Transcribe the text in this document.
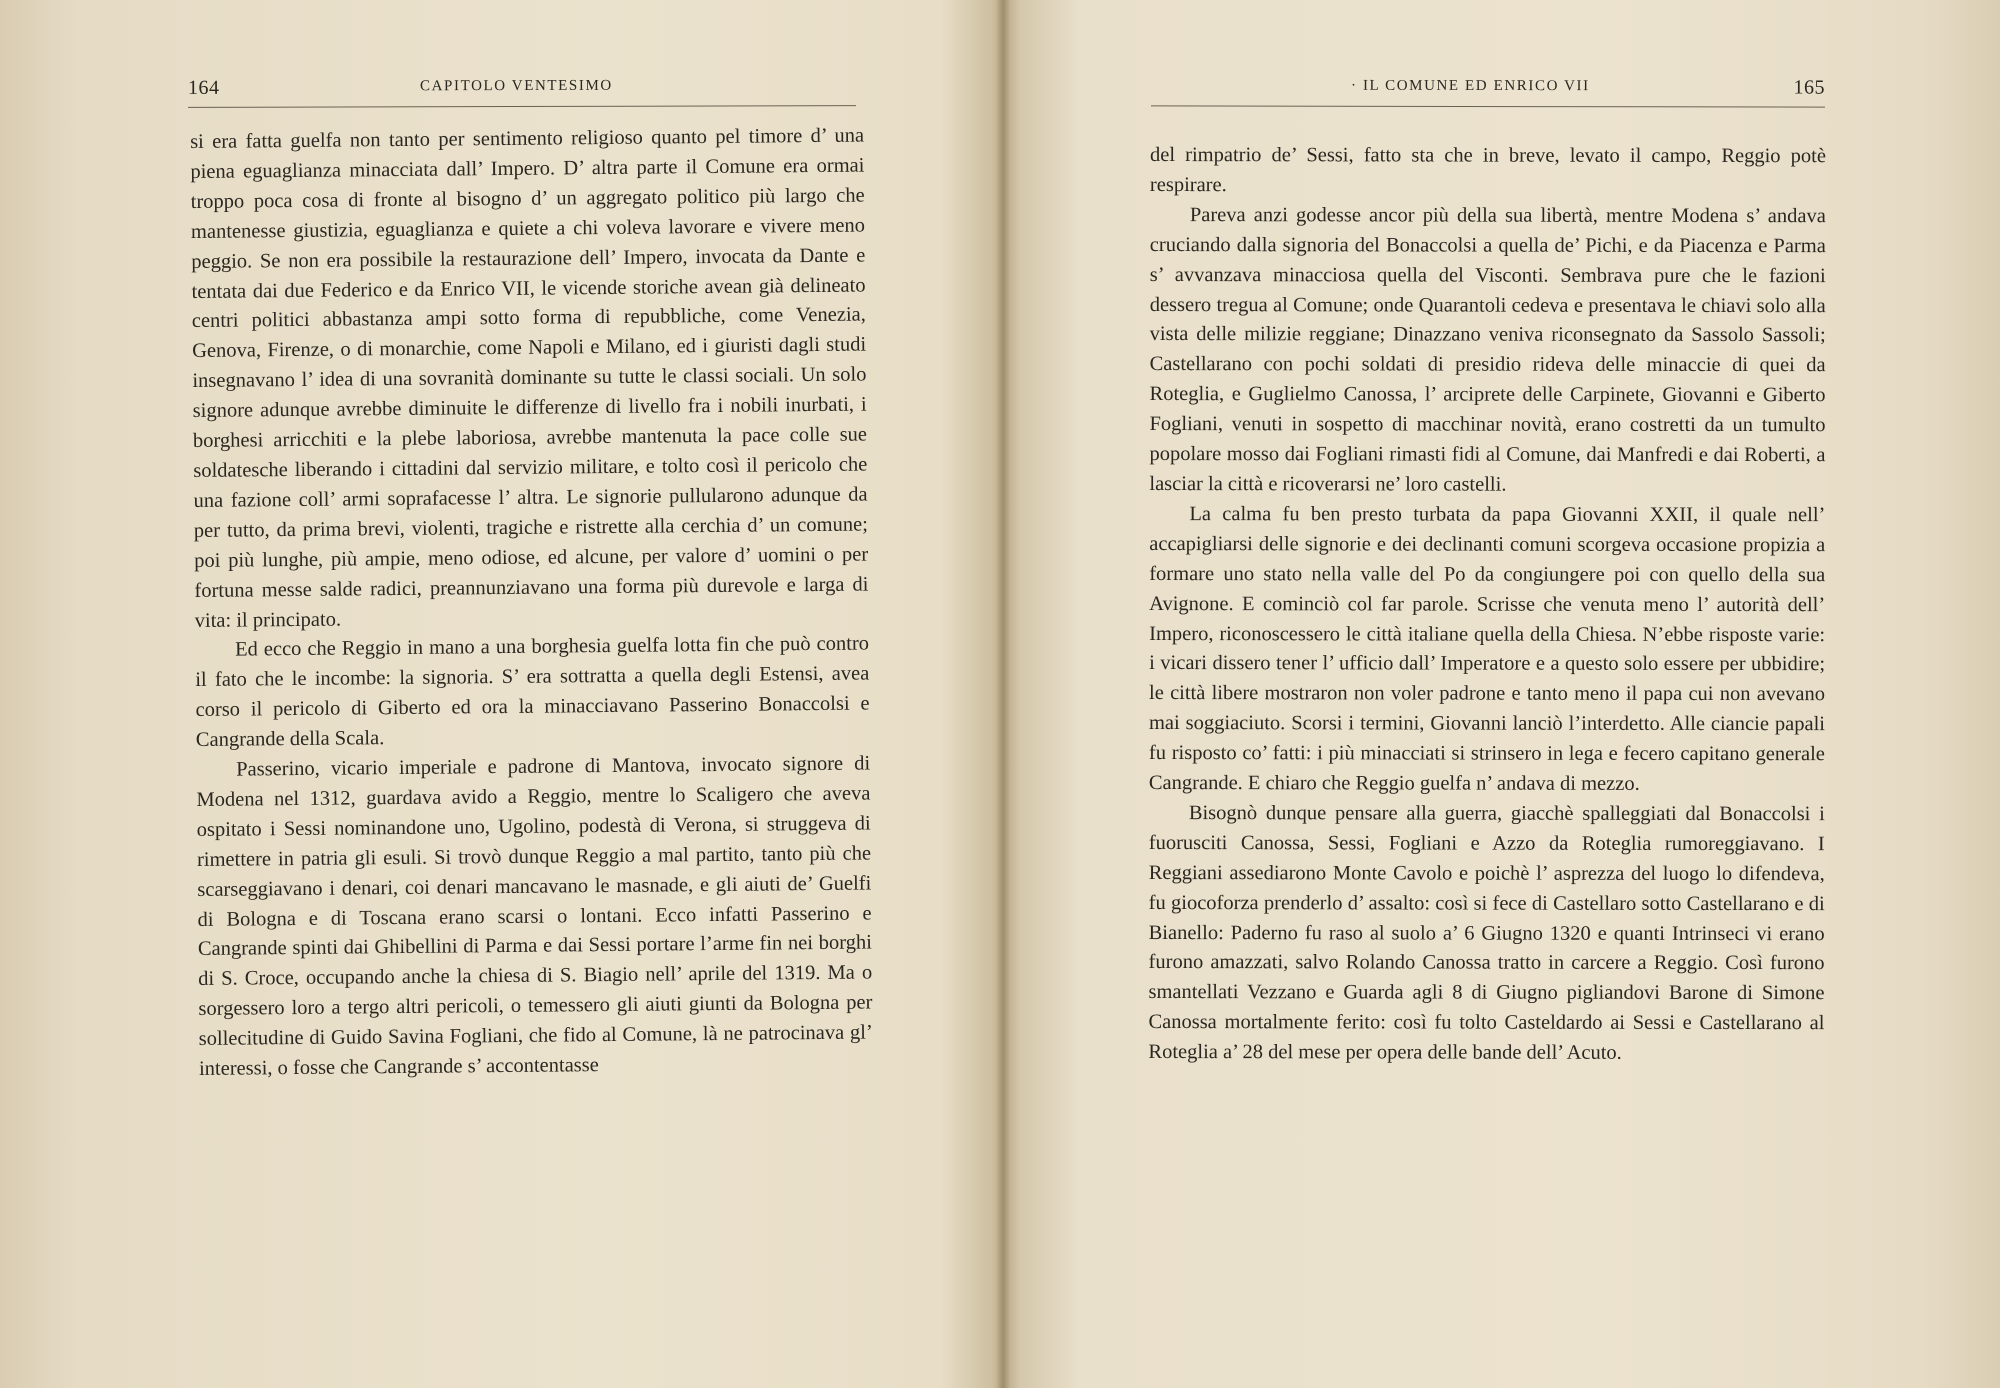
164	CAPITOLO VENTESIMO

si era fatta guelfa non tanto per sentimento religioso quanto pel timore d’ una piena eguaglianza minacciata dall’ Impero. D’ altra parte il Comune era ormai troppo poca cosa di fronte al bisogno d’ un aggregato politico più largo che mantenesse giustizia, eguaglianza e quiete a chi voleva lavorare e vivere meno peggio. Se non era possibile la restaurazione dell’ Impero, invocata da Dante e tentata dai due Federico e da Enrico VII, le vicende storiche avean già delineato centri politici abbastanza ampi sotto forma di repubbliche, come Venezia, Genova, Firenze, o di monarchie, come Napoli e Milano, ed i giuristi dagli studi insegnavano l’ idea di una sovranità dominante su tutte le classi sociali. Un solo signore adunque avrebbe diminuite le differenze di livello fra i nobili inurbati, i borghesi arricchiti e la plebe laboriosa, avrebbe mantenuta la pace colle sue soldatesche liberando i cittadini dal servizio militare, e tolto così il pericolo che una fazione coll’ armi soprafacesse l’ altra. Le signorie pullularono adunque da per tutto, da prima brevi, violenti, tragiche e ristrette alla cerchia d’ un comune; poi più lunghe, più ampie, meno odiose, ed alcune, per valore d’ uomini o per fortuna messe salde radici, preannunziavano una forma più durevole e larga di vita: il principato.

Ed ecco che Reggio in mano a una borghesia guelfa lotta fin che può contro il fato che le incombe: la signoria. S’ era sottratta a quella degli Estensi, avea corso il pericolo di Giberto ed ora la minacciavano Passerino Bonaccolsi e Cangrande della Scala.

Passerino, vicario imperiale e padrone di Mantova, invocato signore di Modena nel 1312, guardava avido a Reggio, mentre lo Scaligero che aveva ospitato i Sessi nominandone uno, Ugolino, podestà di Verona, si struggeva di rimettere in patria gli esuli. Si trovò dunque Reggio a mal partito, tanto più che scarseggiavano i denari, coi denari mancavano le masnade, e gli aiuti de’ Guelfi di Bologna e di Toscana erano scarsi o lontani. Ecco infatti Passerino e Cangrande spinti dai Ghibellini di Parma e dai Sessi portare l’arme fin nei borghi di S. Croce, occupando anche la chiesa di S. Biagio nell’ aprile del 1319. Ma o sorgessero loro a tergo altri pericoli, o temessero gli aiuti giunti da Bologna per sollecitudine di Guido Savina Fogliani, che fido al Comune, là ne patrocinava gl’ interessi, o fosse che Cangrande s’ accontentasse

· IL COMUNE ED ENRICO VII	165

del rimpatrio de’ Sessi, fatto sta che in breve, levato il campo, Reggio potè respirare.

Pareva anzi godesse ancor più della sua libertà, mentre Modena s’ andava cruciando dalla signoria del Bonaccolsi a quella de’ Pichi, e da Piacenza e Parma s’ avvanzava minacciosa quella del Visconti. Sembrava pure che le fazioni dessero tregua al Comune; onde Quarantoli cedeva e presentava le chiavi solo alla vista delle milizie reggiane; Dinazzano veniva riconsegnato da Sassolo Sassoli; Castellarano con pochi soldati di presidio rideva delle minaccie di quei da Roteglia, e Guglielmo Canossa, l’ arciprete delle Carpinete, Giovanni e Giberto Fogliani, venuti in sospetto di macchinar novità, erano costretti da un tumulto popolare mosso dai Fogliani rimasti fidi al Comune, dai Manfredi e dai Roberti, a lasciar la città e ricoverarsi ne’ loro castelli.

La calma fu ben presto turbata da papa Giovanni XXII, il quale nell’ accapigliarsi delle signorie e dei declinanti comuni scorgeva occasione propizia a formare uno stato nella valle del Po da congiungere poi con quello della sua Avignone. E cominciò col far parole. Scrisse che venuta meno l’ autorità dell’ Impero, riconoscessero le città italiane quella della Chiesa. N’ebbe risposte varie: i vicari dissero tener l’ ufficio dall’ Imperatore e a questo solo essere per ubbidire; le città libere mostraron non voler padrone e tanto meno il papa cui non avevano mai soggiaciuto. Scorsi i termini, Giovanni lanciò l’interdetto. Alle ciancie papali fu risposto co’ fatti: i più minacciati si strinsero in lega e fecero capitano generale Cangrande. E chiaro che Reggio guelfa n’ andava di mezzo.

Bisognò dunque pensare alla guerra, giacchè spalleggiati dal Bonaccolsi i fuorusciti Canossa, Sessi, Fogliani e Azzo da Roteglia rumoreggiavano. I Reggiani assediarono Monte Cavolo e poichè l’ asprezza del luogo lo difendeva, fu giocoforza prenderlo d’ assalto: così si fece di Castellaro sotto Castellarano e di Bianello: Paderno fu raso al suolo a’ 6 Giugno 1320 e quanti Intrinseci vi erano furono amazzati, salvo Rolando Canossa tratto in carcere a Reggio. Così furono smantellati Vezzano e Guarda agli 8 di Giugno pigliandovi Barone di Simone Canossa mortalmente ferito: così fu tolto Casteldardo ai Sessi e Castellarano al Roteglia a’ 28 del mese per opera delle bande dell’ Acuto.
